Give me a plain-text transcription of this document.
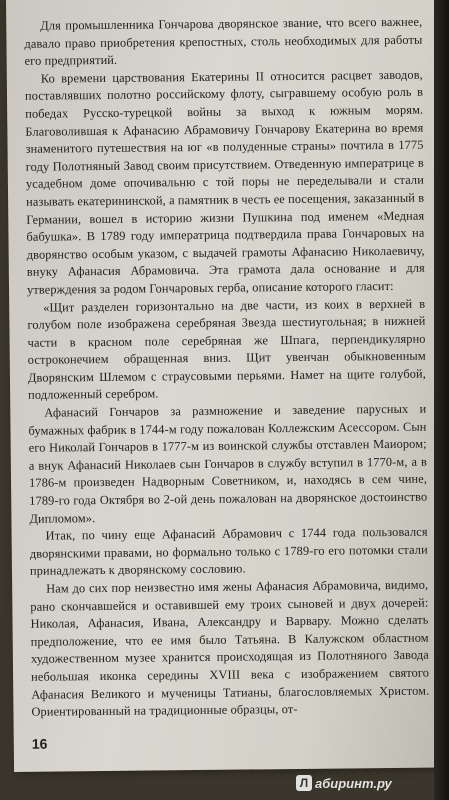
Для промышленника Гончарова дворянское звание, что всего важнее, давало право приобретения крепостных, столь необходимых для работы его предприятий.

Ко времени царствования Екатерины II относится расцвет заводов, поставлявших полотно российскому флоту, сыгравшему особую роль в победах Русско-турецкой войны за выход к южным морям. Благоволившая к Афанасию Абрамовичу Гончарову Екатерина во время знаменитого путешествия на юг «в полуденные страны» почтила в 1775 году Полотняный Завод своим присутствием. Отведенную императрице в усадебном доме опочивальню с той поры не переделывали и стали называть екатерининской, а памятник в честь ее посещения, заказанный в Германии, вошел в историю жизни Пушкина под именем «Медная бабушка». В 1789 году императрица подтвердила права Гончаровых на дворянство особым указом, с выдачей грамоты Афанасию Николаевичу, внуку Афанасия Абрамовича. Эта грамота дала основание и для утверждения за родом Гончаровых герба, описание которого гласит:

«Щит разделен горизонтально на две части, из коих в верхней в голубом поле изображена серебряная Звезда шестиугольная; в нижней части в красном поле серебряная же Шпага, перпендикулярно остроконечием обращенная вниз. Щит увенчан обыкновенным Дворянским Шлемом с страусовыми перьями. Намет на щите голубой, подложенный серебром.

Афанасий Гончаров за размножение и заведение парусных и бумажных фабрик в 1744-м году пожалован Коллежским Асессором. Сын его Николай Гончаров в 1777-м из воинской службы отставлен Маиором; а внук Афанасий Николаев сын Гончаров в службу вступил в 1770-м, а в 1786-м произведен Надворным Советником, и, находясь в сем чине, 1789-го года Октября во 2-ой день пожалован на дворянское достоинство Дипломом».

Итак, по чину еще Афанасий Абрамович с 1744 года пользовался дворянскими правами, но формально только с 1789-го его потомки стали принадлежать к дворянскому сословию.

Нам до сих пор неизвестно имя жены Афанасия Абрамовича, видимо, рано скончавшейся и оставившей ему троих сыновей и двух дочерей: Николая, Афанасия, Ивана, Александру и Варвару. Можно сделать предположение, что ее имя было Татьяна. В Калужском областном художественном музее хранится происходящая из Полотняного Завода небольшая иконка середины XVIII века с изображением святого Афанасия Великого и мученицы Татианы, благословляемых Христом. Ориентированный на традиционные образцы, от-

16
Л абиринт.ру
